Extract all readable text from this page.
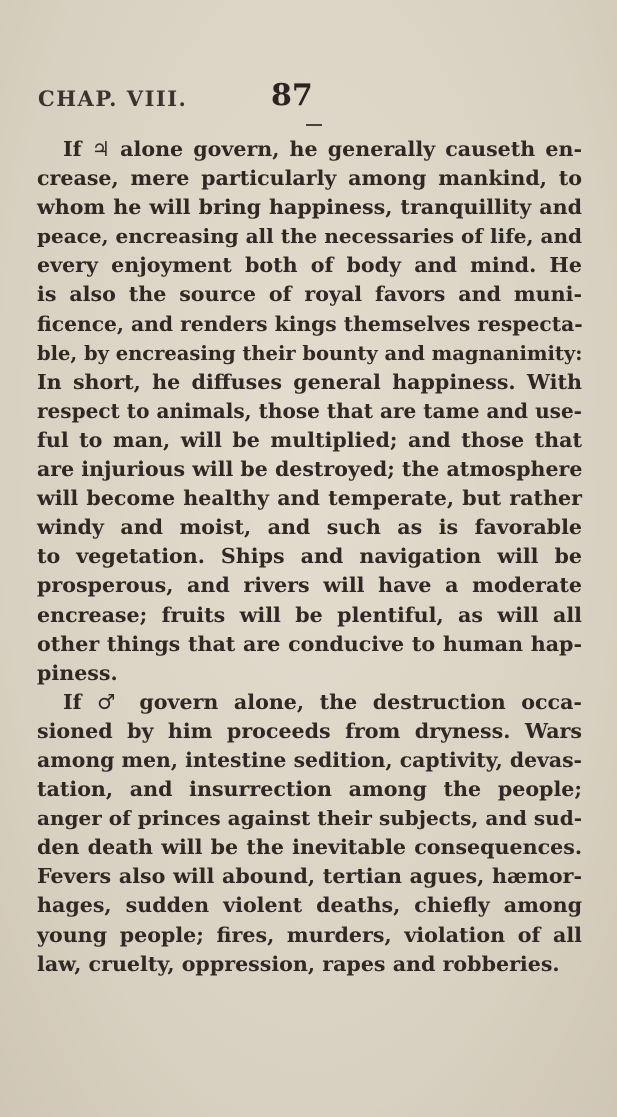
CHAP. VIII.	87
If ♃ alone govern, he generally causeth en-
crease, mere particularly among mankind, to
whom he will bring happiness, tranquillity and
peace, encreasing all the necessaries of life, and
every enjoyment both of body and mind. He
is also the source of royal favors and muni-
ficence, and renders kings themselves respecta-
ble, by encreasing their bounty and magnanimity:
In short, he diffuses general happiness. With
respect to animals, those that are tame and use-
ful to man, will be multiplied; and those that
are injurious will be destroyed; the atmosphere
will become healthy and temperate, but rather
windy and moist, and such as is favorable
to vegetation. Ships and navigation will be
prosperous, and rivers will have a moderate
encrease; fruits will be plentiful, as will all
other things that are conducive to human hap-
piness.
If ♂ govern alone, the destruction occa-
sioned by him proceeds from dryness. Wars
among men, intestine sedition, captivity, devas-
tation, and insurrection among the people;
anger of princes against their subjects, and sud-
den death will be the inevitable consequences.
Fevers also will abound, tertian agues, hæmor-
hages, sudden violent deaths, chiefly among
young people; fires, murders, violation of all
law, cruelty, oppression, rapes and robberies.
